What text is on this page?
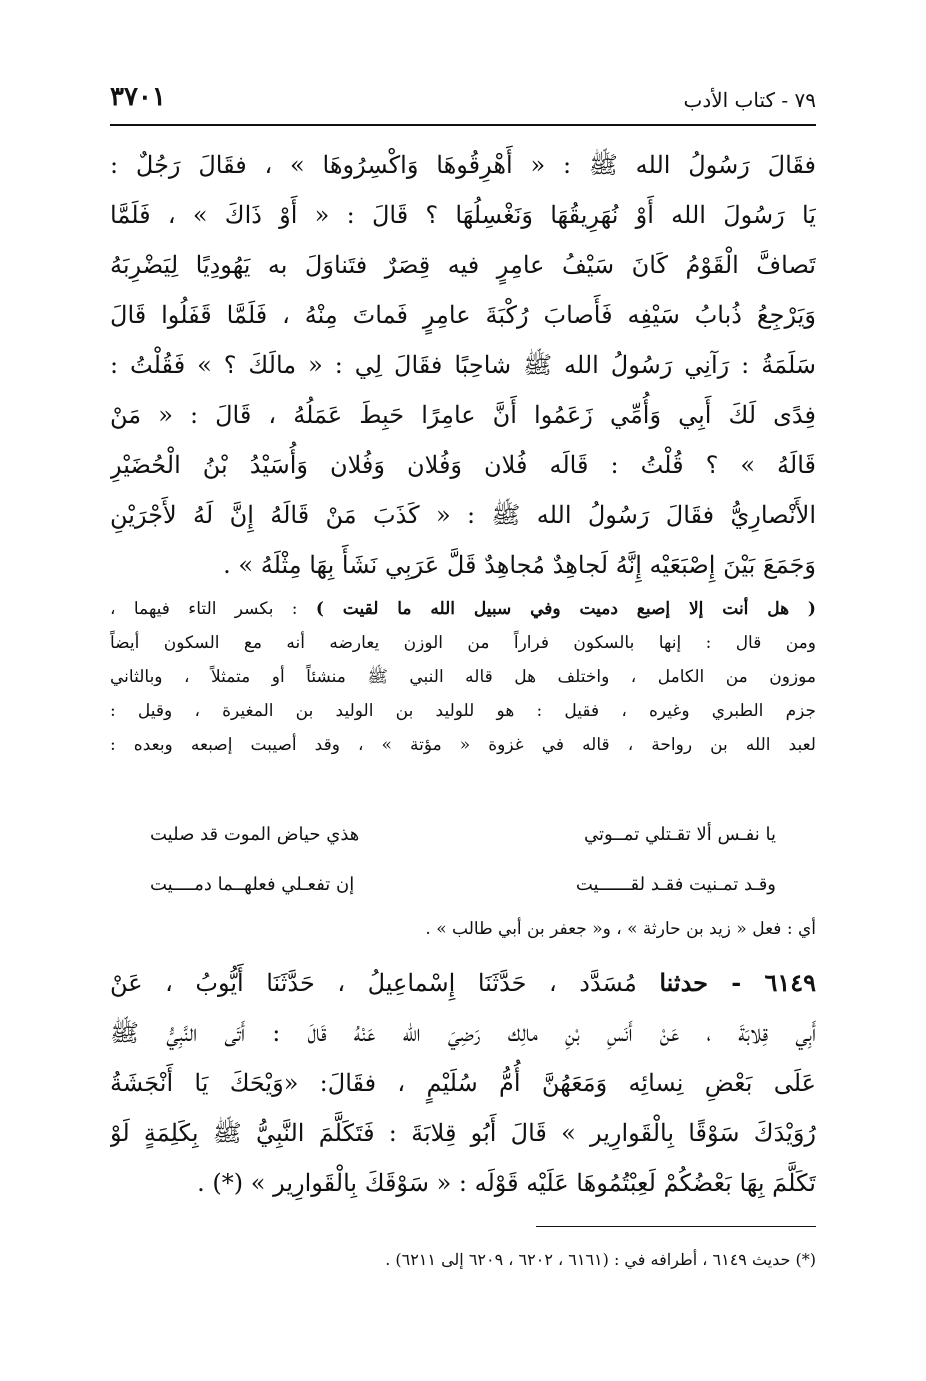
٧٩ - كتاب الأدب
٣٧٠١
فقَالَ رَسُولُ الله ﷺ : « أَهْرِقُوهَا وَاكْسِرُوهَا » ، فقَالَ رَجُلٌ :
يَا رَسُولَ الله أَوْ نُهَرِيقُهَا وَنَغْسِلُهَا ؟ قَالَ : « أَوْ ذَاكَ » ، فَلَمَّا
تَصافَّ الْقَوْمُ كَانَ سَيْفُ عامِرٍ فيه قِصَرٌ فتَناوَلَ به يَهُودِيًا لِيَضْرِبَهُ
وَيَرْجِعُ ذُبابُ سَيْفِه فَأَصابَ رُكْبَةَ عامِرٍ فَماتَ مِنْهُ ، فَلَمَّا قَفَلُوا قَالَ
سَلَمَةُ : رَآنِي رَسُولُ الله ﷺ شاحِبًا فقَالَ لِي : « مالَكَ ؟ » فَقُلْتُ :
فِدًى لَكَ أَبِي وَأُمِّي زَعَمُوا أَنَّ عامِرًا حَبِطَ عَمَلُهُ ، قَالَ : « مَنْ
قَالَهُ » ؟ قُلْتُ : قَالَه فُلان وَفُلان وَفُلان وَأُسَيْدُ بْنُ الْحُضَيْرِ
الأَنْصارِيُّ فقَالَ رَسُولُ الله ﷺ : « كَذَبَ مَنْ قَالَهُ إِنَّ لَهُ لأَجْرَيْنِ
وَجَمَعَ بَيْنَ إِصْبَعَيْه إِنَّهُ لَجاهِدٌ مُجاهِدٌ قَلَّ عَرَبِي نَشَأَ بِهَا مِثْلَهُ » .
( هل أنت إلا إصبع دميت وفي سبيل الله ما لقيت ) : بكسر التاء فيهما ،
ومن قال : إنها بالسكون فراراً من الوزن يعارضه أنه مع السكون أيضاً
موزون من الكامل ، واختلف هل قاله النبي ﷺ منشئاً أو متمثلاً ، وبالثاني
جزم الطبري وغيره ، فقيل : هو للوليد بن الوليد بن المغيرة ، وقيل :
لعبد الله بن رواحة ، قاله في غزوة « مؤتة » ، وقد أصيبت إصبعه وبعده :
يا نفـس ألا تقـتلي تمــوتي
هذي حياض الموت قد صليت
وقـد تمـنيت فقـد لقــــــيت
إن تفعـلي فعلهــما دمــــيت
أي : فعل « زيد بن حارثة » ، و« جعفر بن أبي طالب » .
٦١٤٩ - حدثنا مُسَدَّد ، حَدَّثَنَا إِسْماعِيلُ ، حَدَّثَنَا أَيُّوبُ ، عَنْ
أَبِي قِلابَةَ ، عَنْ أَنَسِ بْنِ مالِك رَضِيَ الله عَنْهُ قَالَ : أَتَى النَّبِيُّ ﷺ
عَلَى بَعْضِ نِسائِه وَمَعَهُنَّ أُمُّ سُلَيْمٍ ، فقَالَ: «وَيْحَكَ يَا أَنْجَشَةُ
رُوَيْدَكَ سَوْقًا بِالْقَوارِير » قَالَ أَبُو قِلابَةَ : فَتَكَلَّمَ النَّبِيُّ ﷺ بِكَلِمَةٍ لَوْ
تَكَلَّمَ بِهَا بَعْضُكُمْ لَعِبْتُمُوهَا عَلَيْه قَوْلَه : « سَوْقَكَ بِالْقَوارِير » (*) .
(*) حديث ٦١٤٩ ، أطرافه في : (٦١٦١ ، ٦٢٠٢ ، ٦٢٠٩ إلى ٦٢١١) .
